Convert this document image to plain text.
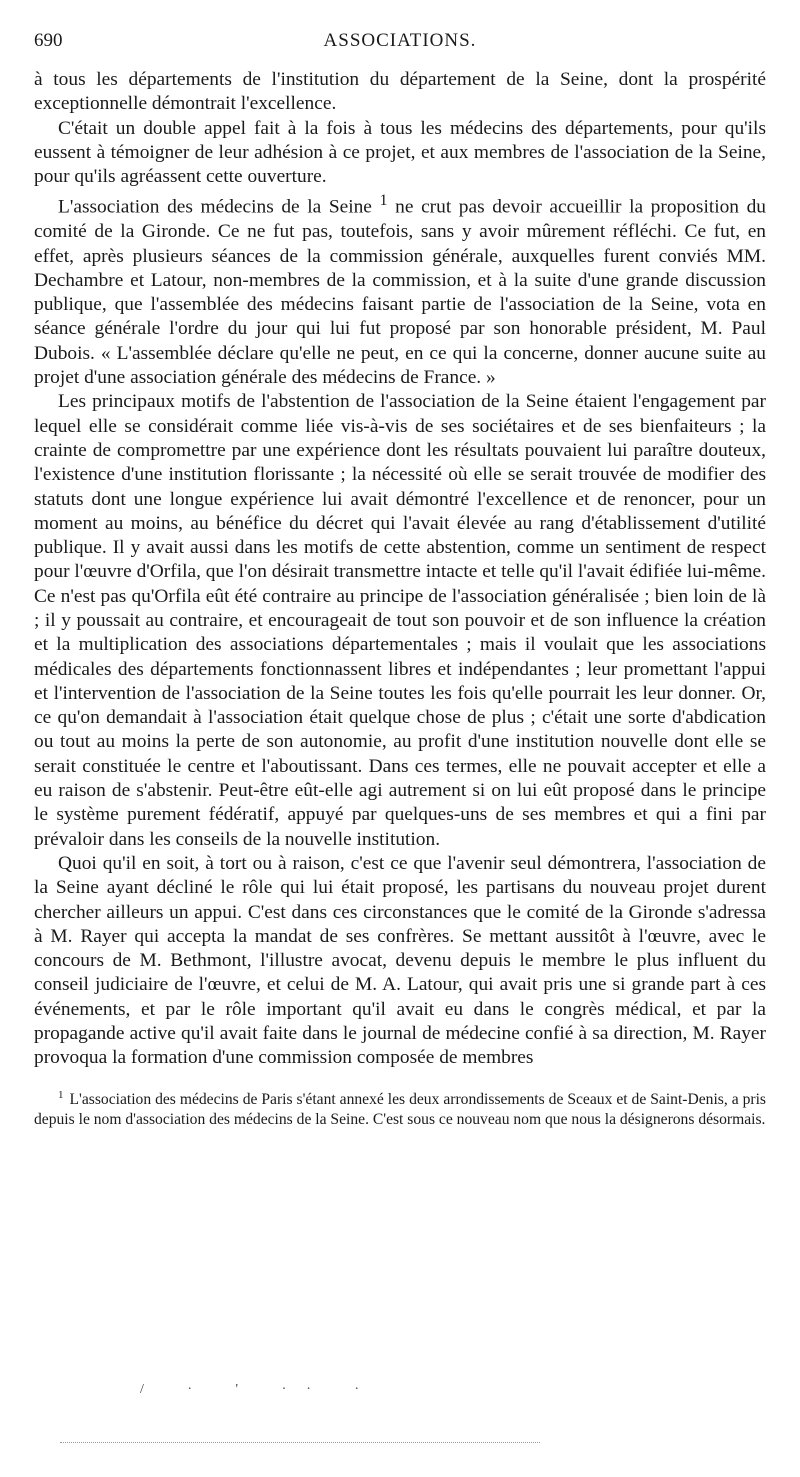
690	ASSOCIATIONS.

à tous les départements de l'institution du département de la Seine, dont la prospérité exceptionnelle démontrait l'excellence.

C'était un double appel fait à la fois à tous les médecins des départements, pour qu'ils eussent à témoigner de leur adhésion à ce projet, et aux membres de l'association de la Seine, pour qu'ils agréassent cette ouverture.

L'association des médecins de la Seine $^1$ ne crut pas devoir accueillir la proposition du comité de la Gironde. Ce ne fut pas, toutefois, sans y avoir mûrement réfléchi. Ce fut, en effet, après plusieurs séances de la commission générale, auxquelles furent conviés MM. Dechambre et Latour, non-membres de la commission, et à la suite d'une grande discussion publique, que l'assemblée des médecins faisant partie de l'association de la Seine, vota en séance générale l'ordre du jour qui lui fut proposé par son honorable président, M. Paul Dubois. « L'assemblée déclare qu'elle ne peut, en ce qui la concerne, donner aucune suite au projet d'une association générale des médecins de France. »

Les principaux motifs de l'abstention de l'association de la Seine étaient l'engagement par lequel elle se considérait comme liée vis-à-vis de ses sociétaires et de ses bienfaiteurs ; la crainte de compromettre par une expérience dont les résultats pouvaient lui paraître douteux, l'existence d'une institution florissante ; la nécessité où elle se serait trouvée de modifier des statuts dont une longue expérience lui avait démontré l'excellence et de renoncer, pour un moment au moins, au bénéfice du décret qui l'avait élevée au rang d'établissement d'utilité publique. Il y avait aussi dans les motifs de cette abstention, comme un sentiment de respect pour l'œuvre d'Orfila, que l'on désirait transmettre intacte et telle qu'il l'avait édifiée lui-même. Ce n'est pas qu'Orfila eût été contraire au principe de l'association généralisée ; bien loin de là ; il y poussait au contraire, et encourageait de tout son pouvoir et de son influence la création et la multiplication des associations départementales ; mais il voulait que les associations médicales des départements fonctionnassent libres et indépendantes ; leur promettant l'appui et l'intervention de l'association de la Seine toutes les fois qu'elle pourrait les leur donner. Or, ce qu'on demandait à l'association était quelque chose de plus ; c'était une sorte d'abdication ou tout au moins la perte de son autonomie, au profit d'une institution nouvelle dont elle se serait constituée le centre et l'aboutissant. Dans ces termes, elle ne pouvait accepter et elle a eu raison de s'abstenir. Peut-être eût-elle agi autrement si on lui eût proposé dans le principe le système purement fédératif, appuyé par quelques-uns de ses membres et qui a fini par prévaloir dans les conseils de la nouvelle institution.

Quoi qu'il en soit, à tort ou à raison, c'est ce que l'avenir seul démontrera, l'association de la Seine ayant décliné le rôle qui lui était proposé, les partisans du nouveau projet durent chercher ailleurs un appui. C'est dans ces circonstances que le comité de la Gironde s'adressa à M. Rayer qui accepta la mandat de ses confrères. Se mettant aussitôt à l'œuvre, avec le concours de M. Bethmont, l'illustre avocat, devenu depuis le membre le plus influent du conseil judiciaire de l'œuvre, et celui de M. A. Latour, qui avait pris une si grande part à ces événements, et par le rôle important qu'il avait eu dans le congrès médical, et par la propagande active qu'il avait faite dans le journal de médecine confié à sa direction, M. Rayer provoqua la formation d'une commission composée de membres

$^1$ L'association des médecins de Paris s'étant annexé les deux arrondissements de Sceaux et de Saint-Denis, a pris depuis le nom d'association des médecins de la Seine. C'est sous ce nouveau nom que nous la désignerons désormais.

/ · ' ·· ·
